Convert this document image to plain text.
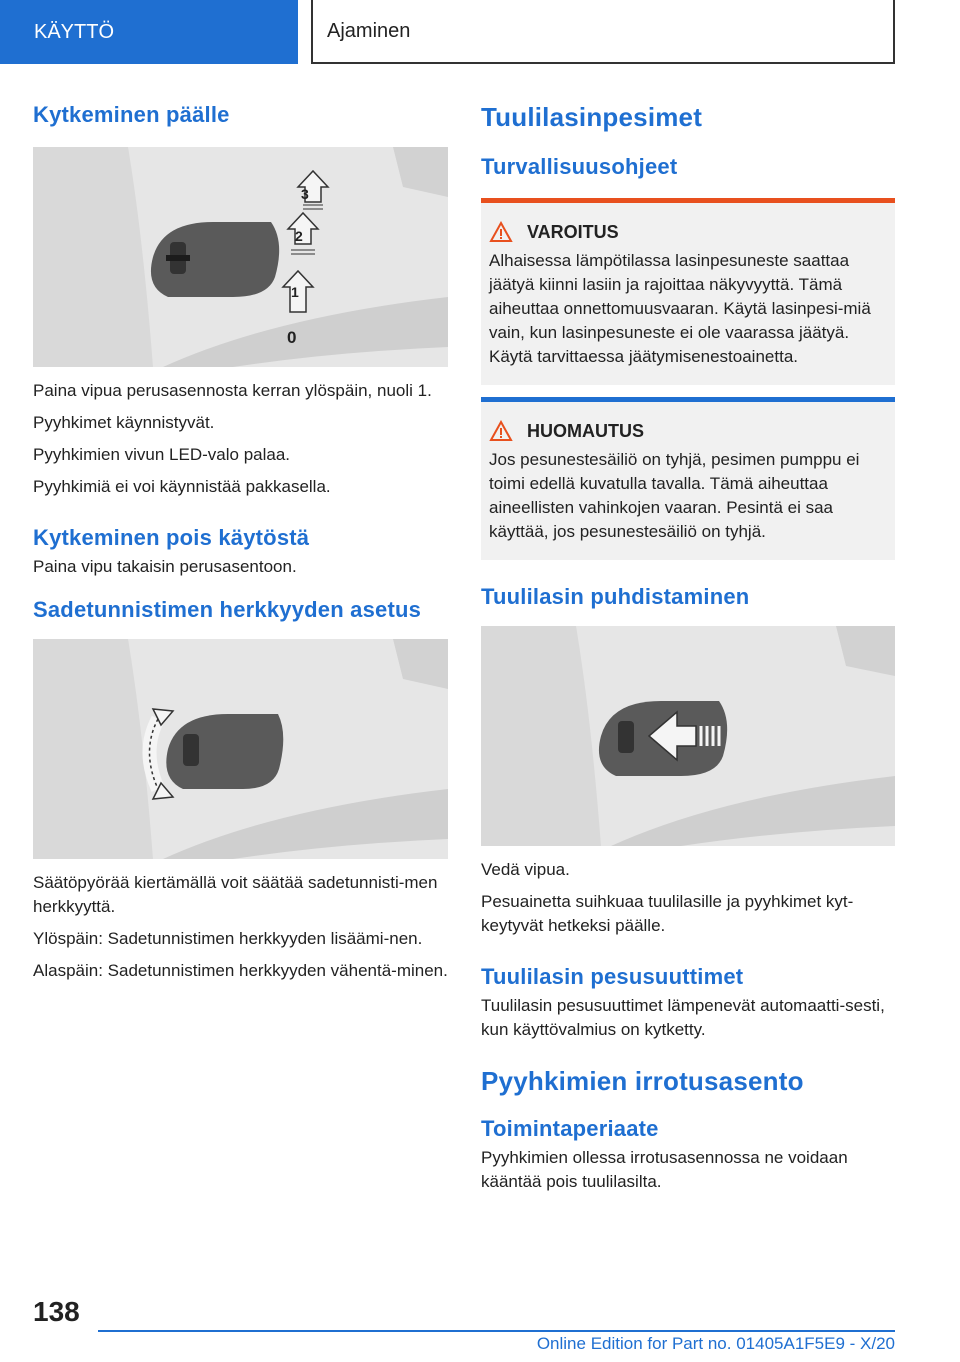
KÄYTTÖ	Ajaminen
Kytkeminen päälle
3
2
1
0

Paina vipua perusasennosta kerran ylöspäin, nuoli 1.

Pyyhkimet käynnistyvät.

Pyyhkimien vivun LED-valo palaa.

Pyyhkimiä ei voi käynnistää pakkasella.

Kytkeminen pois käytöstä

Paina vipu takaisin perusasentoon.

Sadetunnistimen herkkyyden asetus

Säätöpyörää kiertämällä voit säätää sadetunnisti-men herkkyyttä.

Ylöspäin: Sadetunnistimen herkkyyden lisäämi-nen.

Alaspäin: Sadetunnistimen herkkyyden vähentä-minen.

Tuulilasinpesimet
Turvallisuusohjeet
VAROITUS

Alhaisessa lämpötilassa lasinpesuneste saattaa jäätyä kiinni lasiin ja rajoittaa näkyvyyttä. Tämä aiheuttaa onnettomuusvaaran. Käytä lasinpesi-miä vain, kun lasinpesuneste ei ole vaarassa jäätyä. Käytä tarvittaessa jäätymisenestoainetta.

HUOMAUTUS

Jos pesunestesäiliö on tyhjä, pesimen pumppu ei toimi edellä kuvatulla tavalla. Tämä aiheuttaa aineellisten vahinkojen vaaran. Pesintä ei saa käyttää, jos pesunestesäiliö on tyhjä.

Tuulilasin puhdistaminen

Vedä vipua.

Pesuainetta suihkuaa tuulilasille ja pyyhkimet kyt-keytyvät hetkeksi päälle.

Tuulilasin pesusuuttimet

Tuulilasin pesusuuttimet lämpenevät automaatti-sesti, kun käyttövalmius on kytketty.

Pyyhkimien irrotusasento
Toimintaperiaate

Pyyhkimien ollessa irrotusasennossa ne voidaan kääntää pois tuulilasilta.

138
Online Edition for Part no. 01405A1F5E9 - X/20
